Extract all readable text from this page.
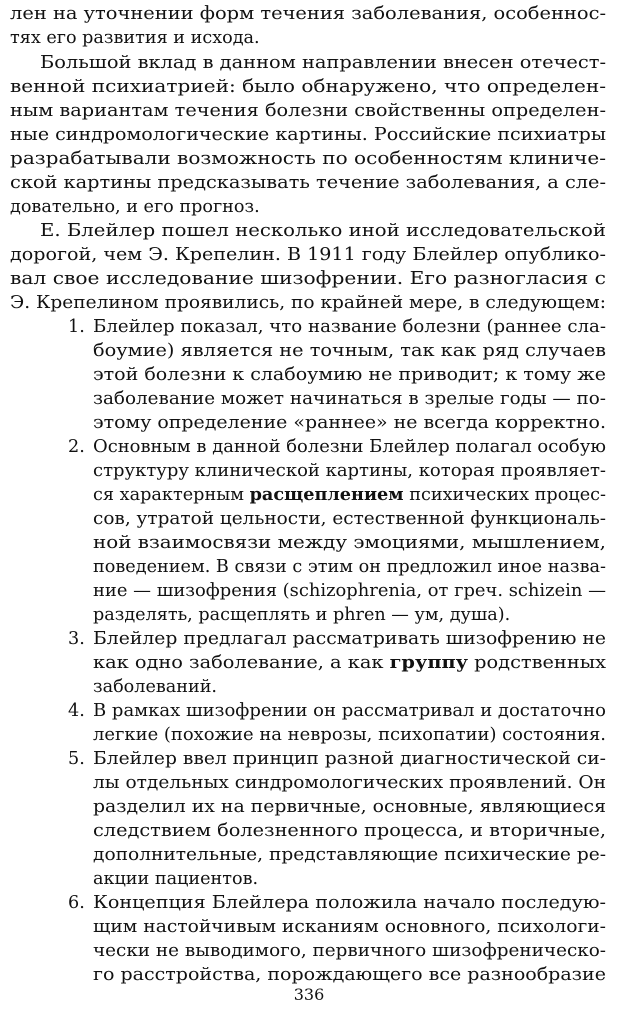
лен на уточнении форм течения заболевания, особеннос-
тях его развития и исхода.
Большой вклад в данном направлении внесен отечест-
венной психиатрией: было обнаружено, что определен-
ным вариантам течения болезни свойственны определен-
ные синдромологические картины. Российские психиатры
разрабатывали возможность по особенностям клиниче-
ской картины предсказывать течение заболевания, а сле-
довательно, и его прогноз.
Е. Блейлер пошел несколько иной исследовательской
дорогой, чем Э. Крепелин. В 1911 году Блейлер опублико-
вал свое исследование шизофрении. Его разногласия с
Э. Крепелином проявились, по крайней мере, в следующем:
1. Блейлер показал, что название болезни (раннее сла-
боумие) является не точным, так как ряд случаев
этой болезни к слабоумию не приводит; к тому же
заболевание может начинаться в зрелые годы — по-
этому определение «раннее» не всегда корректно.
2. Основным в данной болезни Блейлер полагал особую
структуру клинической картины, которая проявляет-
ся характерным расщеплением психических процес-
сов, утратой цельности, естественной функциональ-
ной взаимосвязи между эмоциями, мышлением,
поведением. В связи с этим он предложил иное назва-
ние — шизофрения (schizophrenia, от греч. schizein —
разделять, расщеплять и phren — ум, душа).
3. Блейлер предлагал рассматривать шизофрению не
как одно заболевание, а как группу родственных
заболеваний.
4. В рамках шизофрении он рассматривал и достаточно
легкие (похожие на неврозы, психопатии) состояния.
5. Блейлер ввел принцип разной диагностической си-
лы отдельных синдромологических проявлений. Он
разделил их на первичные, основные, являющиеся
следствием болезненного процесса, и вторичные,
дополнительные, представляющие психические ре-
акции пациентов.
6. Концепция Блейлера положила начало последую-
щим настойчивым исканиям основного, психологи-
чески не выводимого, первичного шизофреническо-
го расстройства, порождающего все разнообразие
336
